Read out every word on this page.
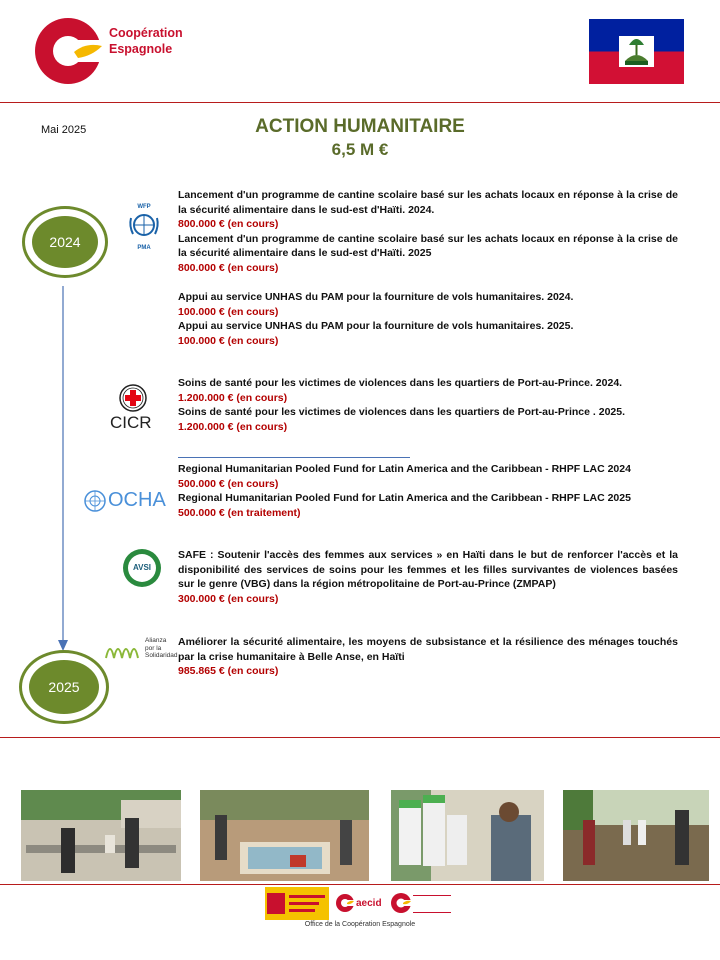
Coopération
Espagnole
Mai 2025	ACTION HUMANITAIRE
6,5 M €
2024
2025
WFP
PMA
CICR
OCHA
AVSI
Alianza
por la
Solidaridad

Lancement d'un programme de cantine scolaire basé sur les achats locaux en réponse à la crise de la sécurité alimentaire dans le sud-est d'Haïti. 2024.

800.000 € (en cours)

Lancement d'un programme de cantine scolaire basé sur les achats locaux en réponse à la crise de la sécurité alimentaire dans le sud-est d'Haïti. 2025

800.000 € (en cours)

Appui au service UNHAS du PAM pour la fourniture de vols humanitaires. 2024.

100.000 € (en cours)

Appui au service UNHAS du PAM pour la fourniture de vols humanitaires. 2025.

100.000 € (en cours)

Soins de santé pour les victimes de violences dans les quartiers de Port-au-Prince. 2024.

1.200.000 € (en cours)

Soins de santé pour les victimes de violences dans les quartiers de Port-au-Prince . 2025.

1.200.000 € (en cours)

Regional Humanitarian Pooled Fund for Latin America and the Caribbean - RHPF LAC 2024

500.000 € (en cours)

Regional Humanitarian Pooled Fund for Latin America and the Caribbean - RHPF LAC 2025

500.000 € (en traitement)

SAFE : Soutenir l'accès des femmes aux services » en Haïti dans le but de renforcer l'accès et la disponibilité des services de soins pour les femmes et les filles survivantes de violences basées sur le genre (VBG) dans la région métropolitaine de Port-au-Prince (ZMPAP)

300.000 € (en cours)

Améliorer la sécurité alimentaire, les moyens de subsistance et la résilience des ménages touchés par la crise humanitaire à Belle Anse, en Haïti

985.865 € (en cours)

aecid
Office de la Coopération Espagnole
